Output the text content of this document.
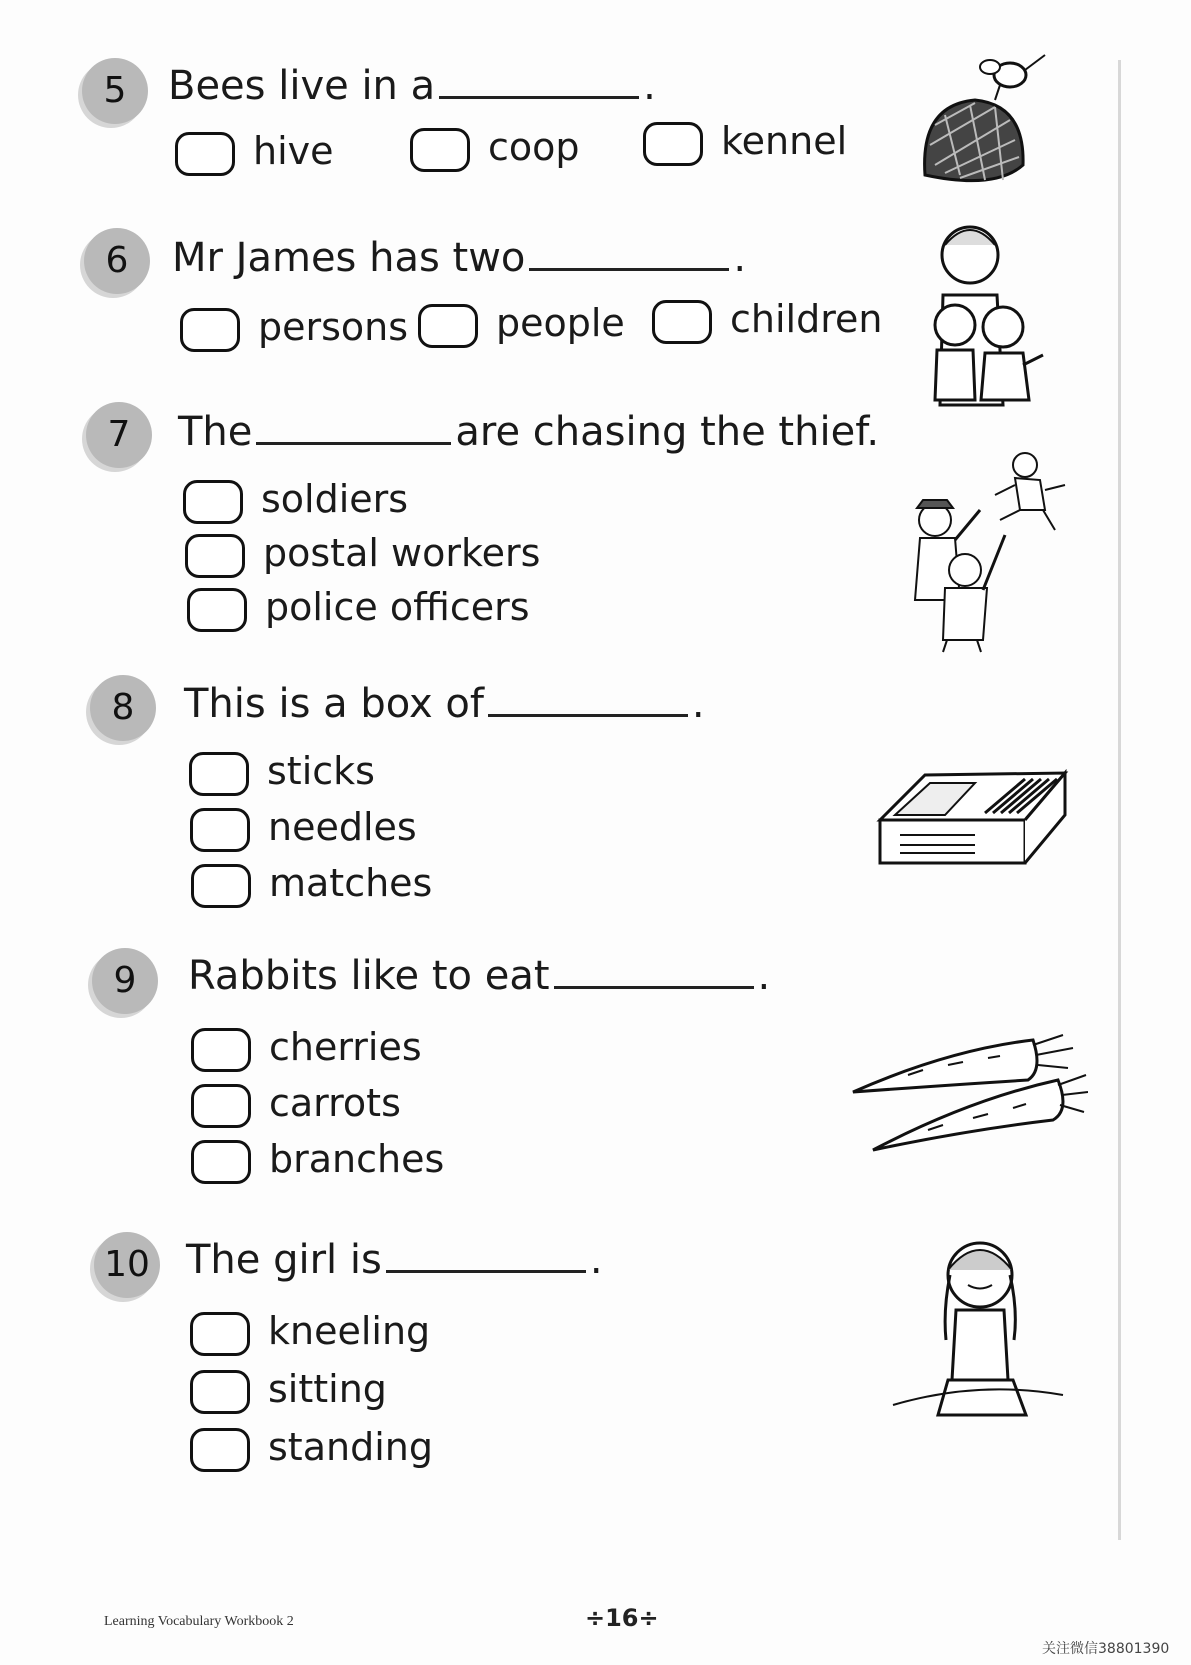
5	Bees live in a	.
hive	coop	kennel
6	Mr James has two	.
persons	people	children
7	The	are chasing the thief.
soldiers
postal workers
police officers
8	This is a box of	.
sticks
needles
matches
9	Rabbits like to eat	.
cherries
carrots
branches
10 The girl is	.
kneeling
sitting
standing
Learning Vocabulary Workbook 2	÷16÷
关注微信38801390
